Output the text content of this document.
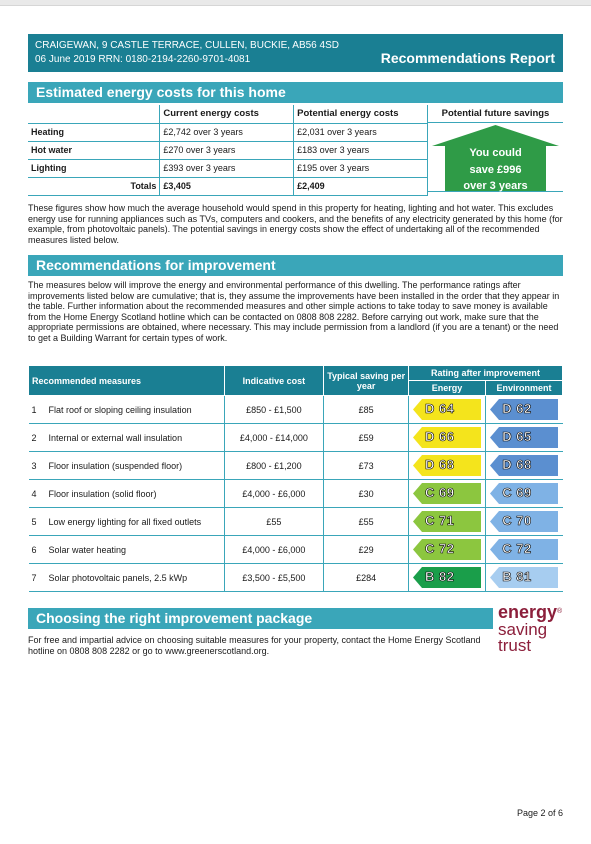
CRAIGEWAN, 9 CASTLE TERRACE, CULLEN, BUCKIE, AB56 4SD
06 June 2019 RRN: 0180-2194-2260-9701-4081	Recommendations Report
Estimated energy costs for this home
	Current energy costs	Potential energy costs
Heating	£2,742 over 3 years	£2,031 over 3 years
Hot water	£270 over 3 years	£183 over 3 years
Lighting	£393 over 3 years	£195 over 3 years
Totals	£3,405	£2,409
Potential future savings
You could
save £996
over 3 years
These figures show how much the average household would spend in this property for heating, lighting and hot water. This excludes energy use for running appliances such as TVs, computers and cookers, and the benefits of any electricity generated by this home (for example, from photovoltaic panels). The potential savings in energy costs show the effect of undertaking all of the recommended measures listed below.
Recommendations for improvement
The measures below will improve the energy and environmental performance of this dwelling. The performance ratings after improvements listed below are cumulative; that is, they assume the improvements have been installed in the order that they appear in the table. Further information about the recommended measures and other simple actions to take today to save money is available from the Home Energy Scotland hotline which can be contacted on 0808 808 2282. Before carrying out work, make sure that the appropriate permissions are obtained, where necessary. This may include permission from a landlord (if you are a tenant) or the need to get a Building Warrant for certain types of work.
Recommended measures	Indicative cost	Typical saving per year	Rating after improvement	
			Energy	Environment
1 Flat roof or sloping ceiling insulation	£850 - £1,500	£85	D 64	D 62

2 Internal or external wall insulation	£4,000 - £14,000	£59	D 66	D 65

3 Floor insulation (suspended floor)	£800 - £1,200	£73	D 68	D 68

4 Floor insulation (solid floor)	£4,000 - £6,000	£30	C 69	C 69

5 Low energy lighting for all fixed outlets	£55	£55	C 71	C 70

6 Solar water heating	£4,000 - £6,000	£29	C 72	C 72

7 Solar photovoltaic panels, 2.5 kWp	£3,500 - £5,500	£284	B 82	B 81
Choosing the right improvement package
For free and impartial advice on choosing suitable measures for your property, contact the Home Energy Scotland hotline on 0808 808 2282 or go to www.greenerscotland.org.
energy®
saving
trust
Page 2 of 6
